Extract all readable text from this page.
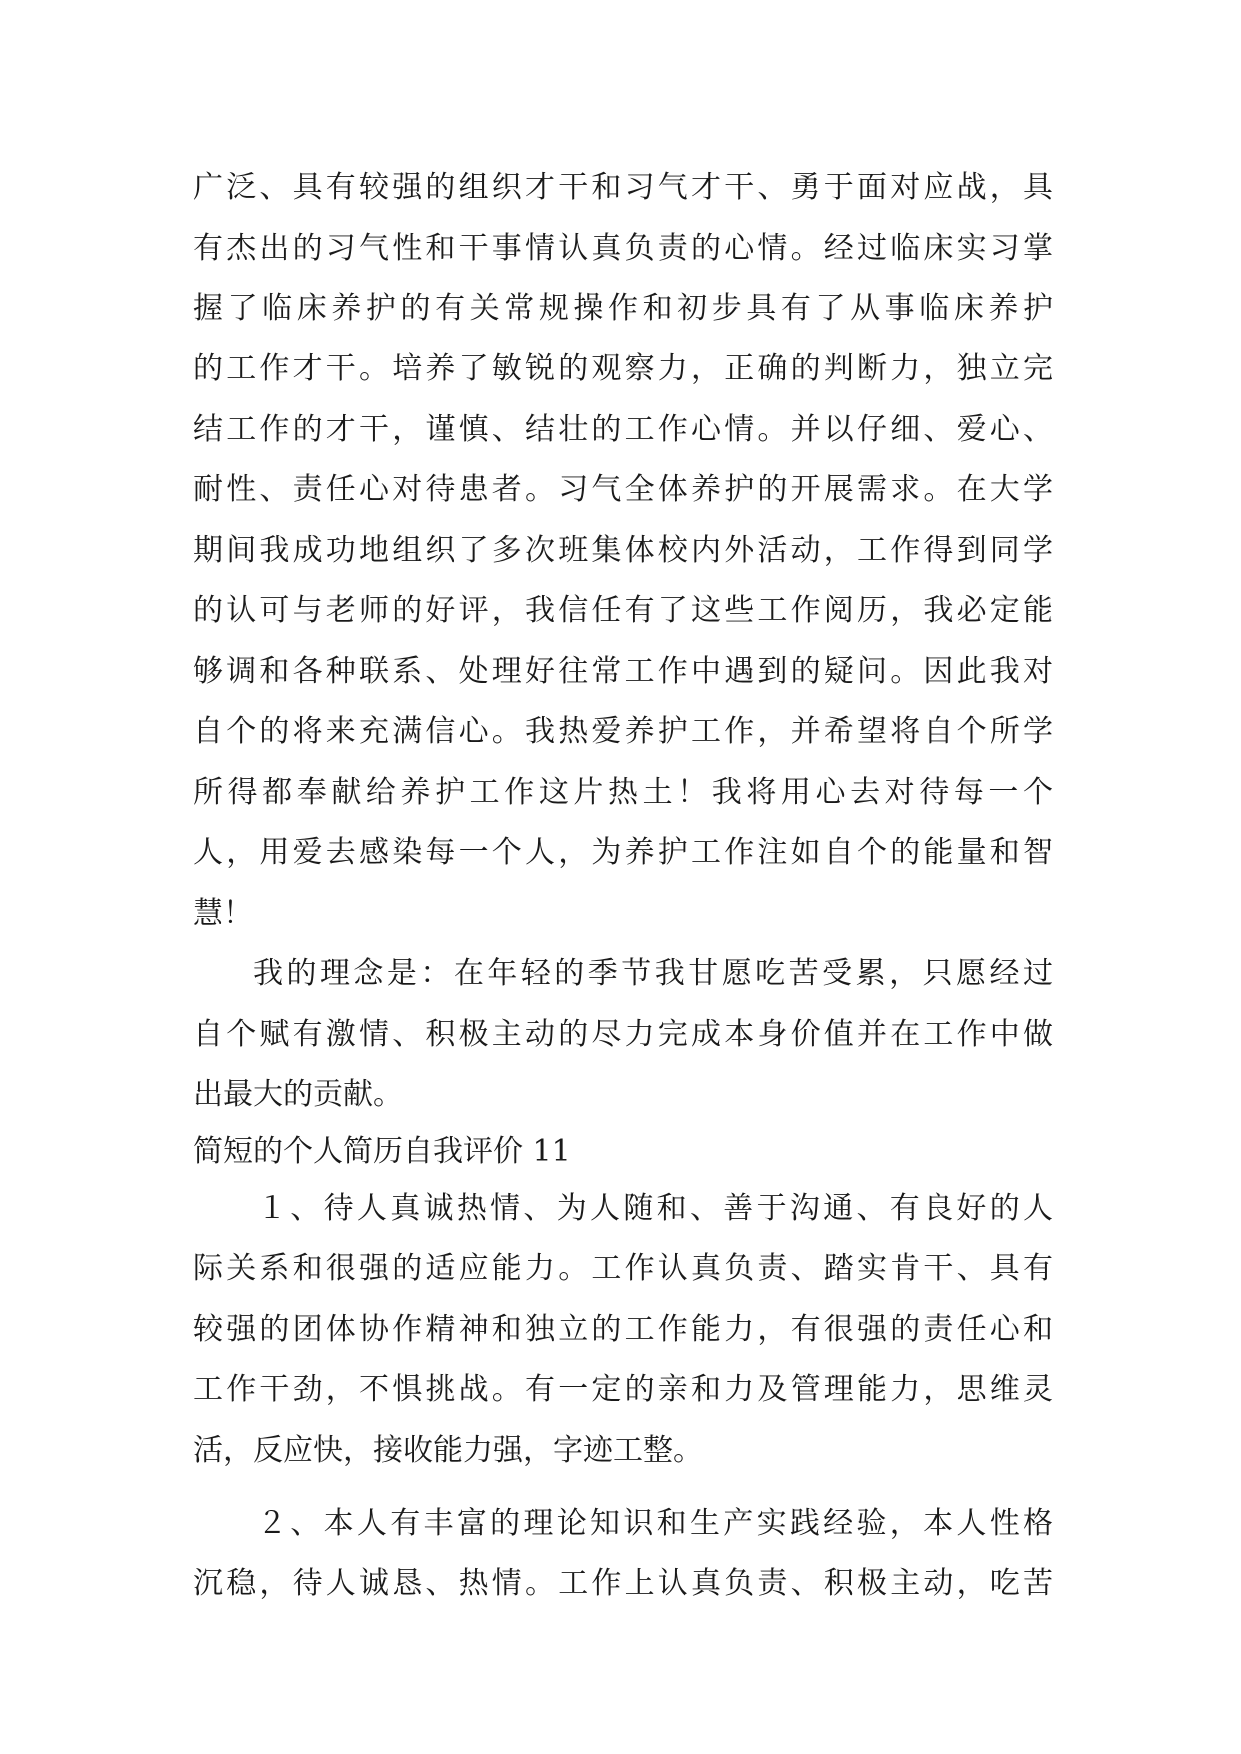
广泛、具有较强的组织才干和习气才干、勇于面对应战，具
有杰出的习气性和干事情认真负责的心情。经过临床实习掌
握了临床养护的有关常规操作和初步具有了从事临床养护
的工作才干。培养了敏锐的观察力，正确的判断力，独立完
结工作的才干，谨慎、结壮的工作心情。并以仔细、爱心、
耐性、责任心对待患者。习气全体养护的开展需求。在大学
期间我成功地组织了多次班集体校内外活动，工作得到同学
的认可与老师的好评，我信任有了这些工作阅历，我必定能
够调和各种联系、处理好往常工作中遇到的疑问。因此我对
自个的将来充满信心。我热爱养护工作，并希望将自个所学
所得都奉献给养护工作这片热土！我将用心去对待每一个
人，用爱去感染每一个人，为养护工作注如自个的能量和智
慧！
我的理念是：在年轻的季节我甘愿吃苦受累，只愿经过
自个赋有激情、积极主动的尽力完成本身价值并在工作中做
出最大的贡献。
简短的个人简历自我评价 11
１、待人真诚热情、为人随和、善于沟通、有良好的人
际关系和很强的适应能力。工作认真负责、踏实肯干、具有
较强的团体协作精神和独立的工作能力，有很强的责任心和
工作干劲，不惧挑战。有一定的亲和力及管理能力，思维灵
活，反应快，接收能力强，字迹工整。
２、本人有丰富的理论知识和生产实践经验，本人性格
沉稳，待人诚恳、热情。工作上认真负责、积极主动，吃苦
